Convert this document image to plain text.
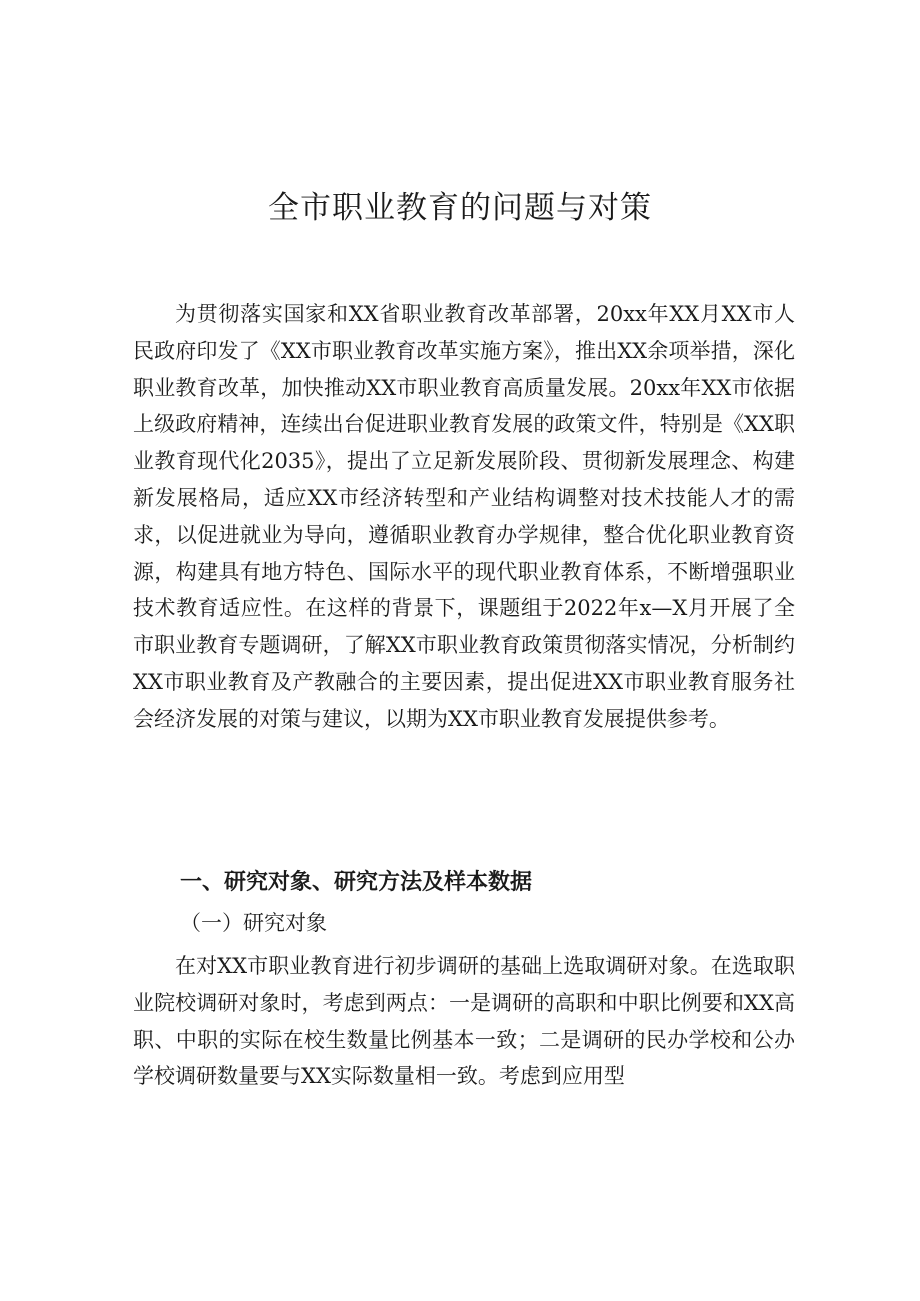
全市职业教育的问题与对策

为贯彻落实国家和XX省职业教育改革部署，20xx年XX月XX市人民政府印发了《XX市职业教育改革实施方案》，推出XX余项举措，深化职业教育改革，加快推动XX市职业教育高质量发展。20xx年XX市依据上级政府精神，连续出台促进职业教育发展的政策文件，特别是《XX职业教育现代化2035》，提出了立足新发展阶段、贯彻新发展理念、构建新发展格局，适应XX市经济转型和产业结构调整对技术技能人才的需求，以促进就业为导向，遵循职业教育办学规律，整合优化职业教育资源，构建具有地方特色、国际水平的现代职业教育体系，不断增强职业技术教育适应性。在这样的背景下，课题组于2022年x—X月开展了全市职业教育专题调研，了解XX市职业教育政策贯彻落实情况，分析制约XX市职业教育及产教融合的主要因素，提出促进XX市职业教育服务社会经济发展的对策与建议，以期为XX市职业教育发展提供参考。

一、研究对象、研究方法及样本数据

（一）研究对象

在对XX市职业教育进行初步调研的基础上选取调研对象。在选取职业院校调研对象时，考虑到两点：一是调研的高职和中职比例要和XX高职、中职的实际在校生数量比例基本一致；二是调研的民办学校和公办学校调研数量要与XX实际数量相一致。考虑到应用型
